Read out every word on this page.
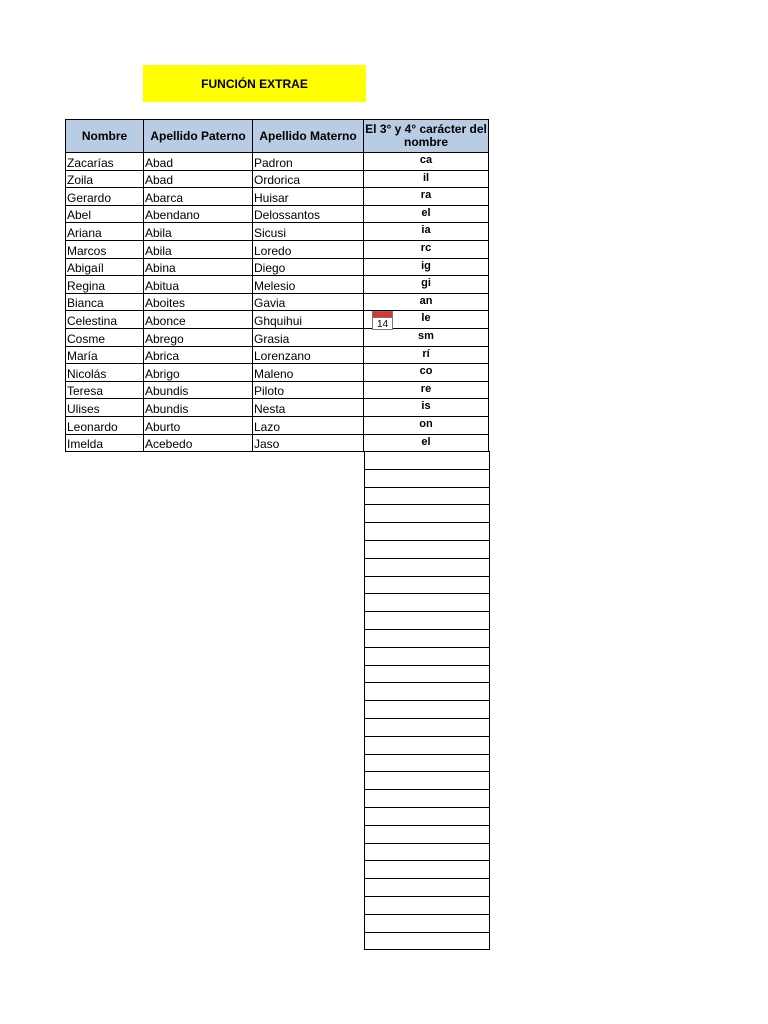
FUNCIÓN EXTRAE
Nombre	Apellido Paterno	Apellido Materno	El 3° y 4° carácter del nombre
Zacarías	Abad	Padron	ca
Zoila	Abad	Ordorica	il
Gerardo	Abarca	Huisar	ra
Abel	Abendano	Delossantos	el
Ariana	Abila	Sicusi	ia
Marcos	Abila	Loredo	rc
Abigaíl	Abina	Diego	ig
Regina	Abitua	Melesio	gi
Bianca	Aboites	Gavia	an
Celestina	Abonce	Ghquihui	le
Cosme	Abrego	Grasia	sm
María	Abrica	Lorenzano	rí
Nicolás	Abrigo	Maleno	co
Teresa	Abundis	Piloto	re
Ulises	Abundis	Nesta	is
Leonardo	Aburto	Lazo	on
Imelda	Acebedo	Jaso	el
14
